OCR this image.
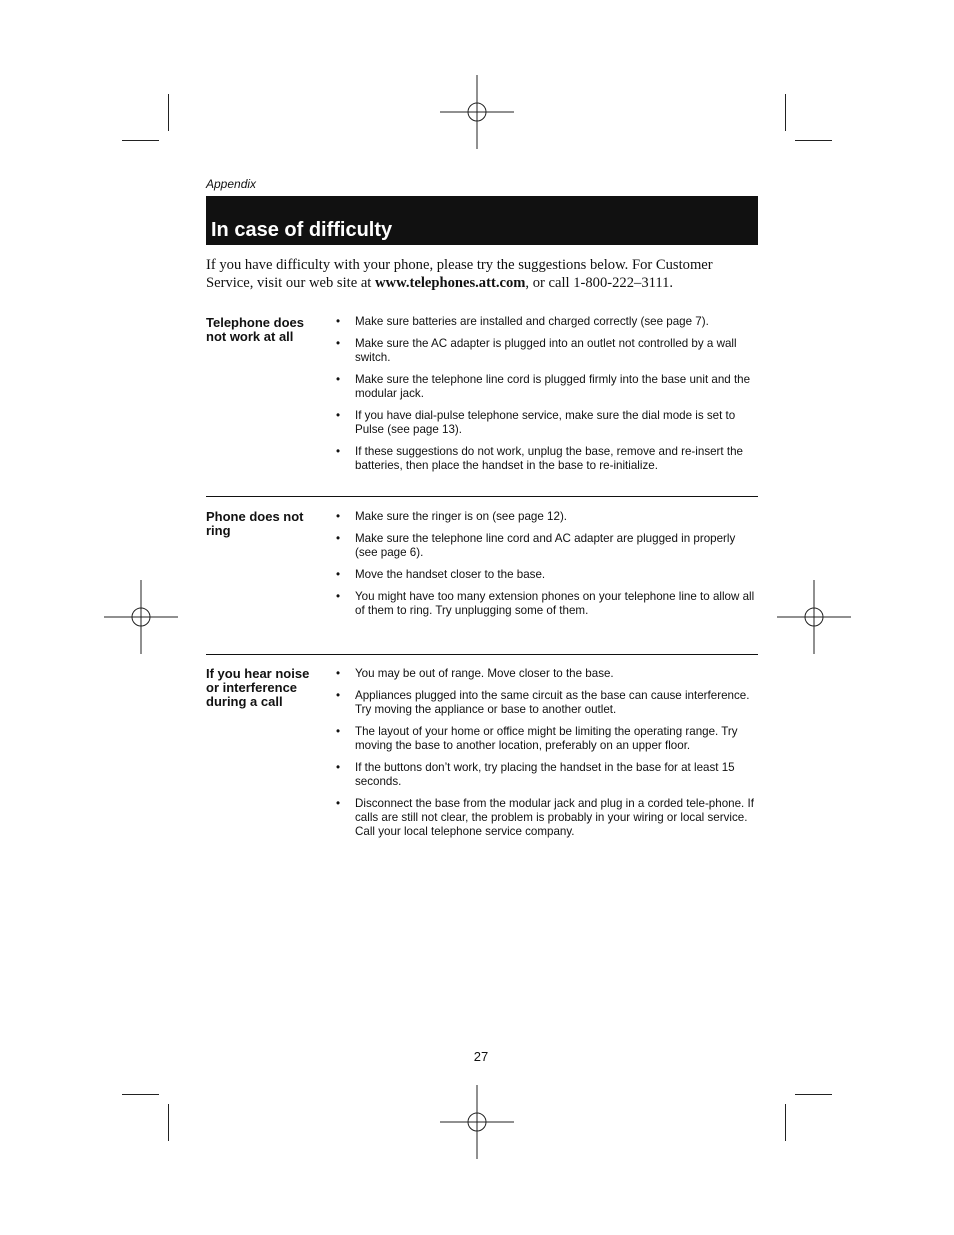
Appendix
In case of difficulty
If you have difficulty with your phone, please try the suggestions below. For Customer Service, visit our web site at www.telephones.att.com, or call 1-800-222–3111.
Telephone does not work at all
• Make sure batteries are installed and charged correctly (see page 7).
• Make sure the AC adapter is plugged into an outlet not controlled by a wall switch.
• Make sure the telephone line cord is plugged firmly into the base unit and the modular jack.
• If you have dial-pulse telephone service, make sure the dial mode is set to Pulse (see page 13).
• If these suggestions do not work, unplug the base, remove and re-insert the batteries, then place the handset in the base to re-initialize.
Phone does not ring
• Make sure the ringer is on (see page 12).
• Make sure the telephone line cord and AC adapter are plugged in properly (see page 6).
• Move the handset closer to the base.
• You might have too many extension phones on your telephone line to allow all of them to ring. Try unplugging some of them.
If you hear noise or interference during a call
• You may be out of range. Move closer to the base.
• Appliances plugged into the same circuit as the base can cause interference. Try moving the appliance or base to another outlet.
• The layout of your home or office might be limiting the operating range. Try moving the base to another location, preferably on an upper floor.
• If the buttons don’t work, try placing the handset in the base for at least 15 seconds.
• Disconnect the base from the modular jack and plug in a corded tele-phone. If calls are still not clear, the problem is probably in your wiring or local service. Call your local telephone service company.
27
